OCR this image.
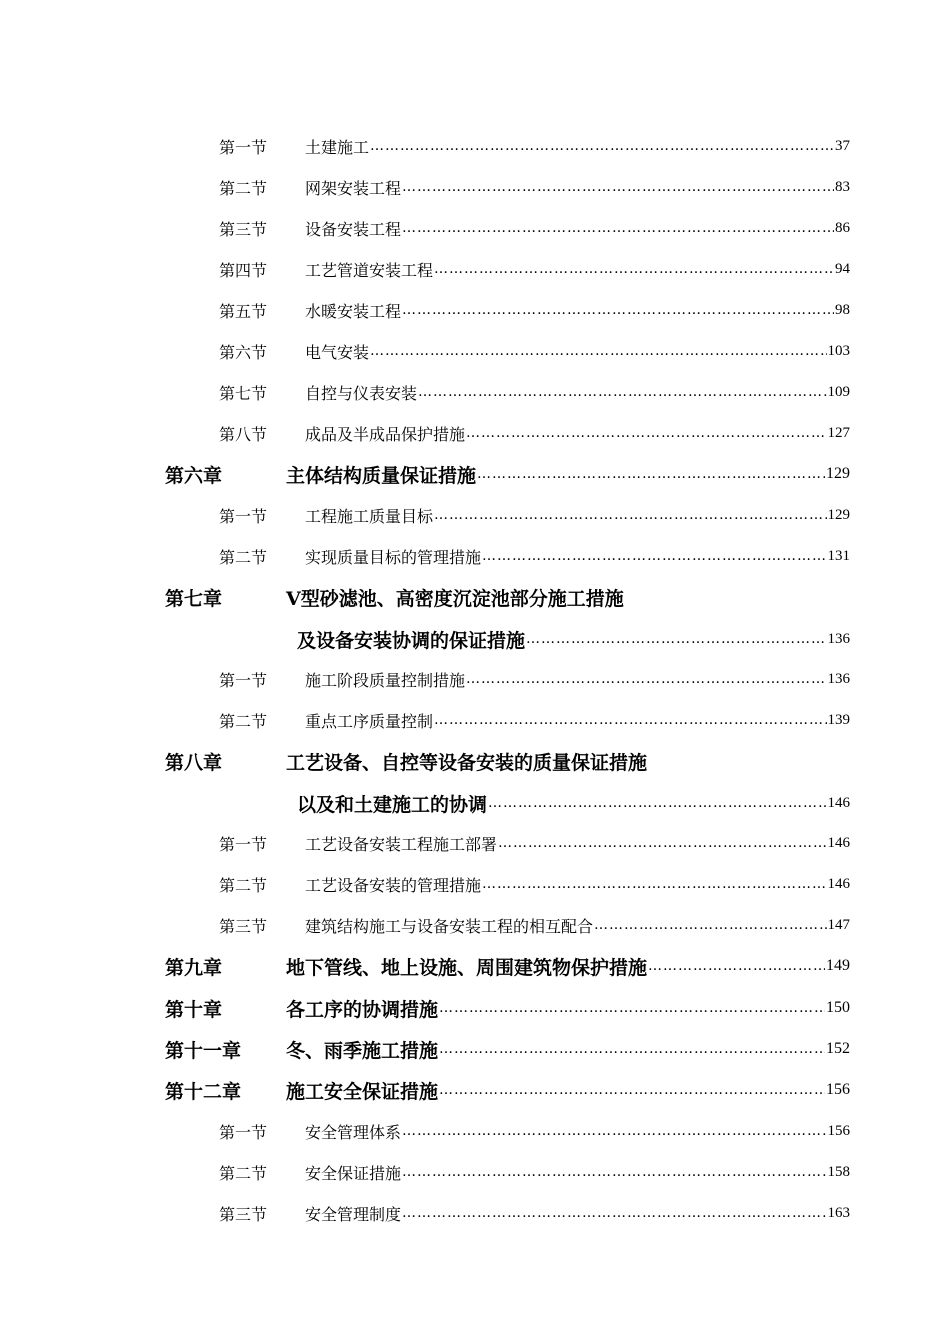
第一节	土建施工 ……………………………………………………………………………………………………………………………………	37
第二节	网架安装工程 ……………………………………………………………………………………………………………………………………	83
第三节	设备安装工程 ……………………………………………………………………………………………………………………………………	86
第四节	工艺管道安装工程 ……………………………………………………………………………………………………………………………………	94
第五节	水暖安装工程 ……………………………………………………………………………………………………………………………………	98
第六节	电气安装 ……………………………………………………………………………………………………………………………………	103
第七节	自控与仪表安装 ……………………………………………………………………………………………………………………………………	109
第八节	成品及半成品保护措施 ……………………………………………………………………………………………………………………………………	127
第六章	主体结构质量保证措施 ……………………………………………………………………………………………………………………………………	129
第一节	工程施工质量目标 ……………………………………………………………………………………………………………………………………	129
第二节	实现质量目标的管理措施 ……………………………………………………………………………………………………………………………………	131
第七章	V型砂滤池、高密度沉淀池部分施工措施
及设备安装协调的保证措施 ……………………………………………………………………………………………………………………………………	136
第一节	施工阶段质量控制措施 ……………………………………………………………………………………………………………………………………	136
第二节	重点工序质量控制 ……………………………………………………………………………………………………………………………………	139
第八章	工艺设备、自控等设备安装的质量保证措施
以及和土建施工的协调 ……………………………………………………………………………………………………………………………………	146
第一节	工艺设备安装工程施工部署 ……………………………………………………………………………………………………………………………………	146
第二节	工艺设备安装的管理措施 ……………………………………………………………………………………………………………………………………	146
第三节	建筑结构施工与设备安装工程的相互配合 ……………………………………………………………………………………………………………………………………	147
第九章	地下管线、地上设施、周围建筑物保护措施 ……………………………………………………………………………………………………………………………………	149
第十章	各工序的协调措施 ……………………………………………………………………………………………………………………………………	150
第十一章	冬、雨季施工措施 ……………………………………………………………………………………………………………………………………	152
第十二章	施工安全保证措施 ……………………………………………………………………………………………………………………………………	156
第一节	安全管理体系 ……………………………………………………………………………………………………………………………………	156
第二节	安全保证措施 ……………………………………………………………………………………………………………………………………	158
第三节	安全管理制度 ……………………………………………………………………………………………………………………………………	163
